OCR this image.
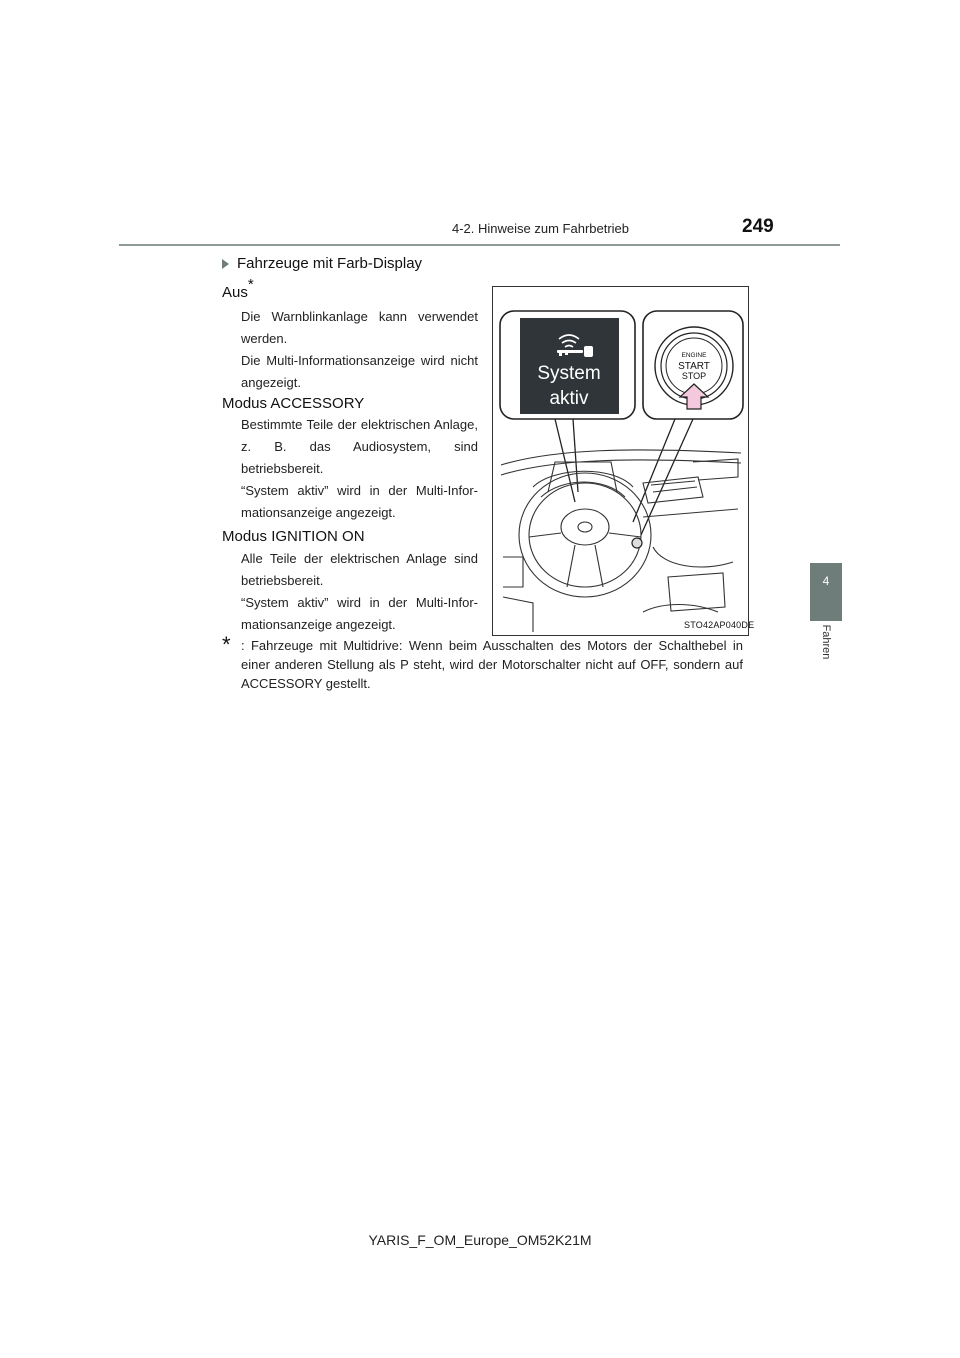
4-2. Hinweise zum Fahrbetrieb	249
4
Fahren
Fahrzeuge mit Farb-Display
Aus*
Die Warnblinkanlage kann verwendet werden.
Die Multi-Informationsanzeige wird nicht angezeigt.
Modus ACCESSORY
Bestimmte Teile der elektrischen Anlage, z. B. das Audiosystem, sind betriebsbereit.
“System aktiv” wird in der Multi-Infor-mationsanzeige angezeigt.
Modus IGNITION ON
Alle Teile der elektrischen Anlage sind betriebsbereit.
“System aktiv” wird in der Multi-Infor-mationsanzeige angezeigt.
* : Fahrzeuge mit Multidrive: Wenn beim Ausschalten des Motors der Schalthebel in einer anderen Stellung als P steht, wird der Motorschalter nicht auf OFF, sondern auf ACCESSORY gestellt.
System
aktiv
ENGINE
START
STOP
STO42AP040DE
YARIS_F_OM_Europe_OM52K21M
